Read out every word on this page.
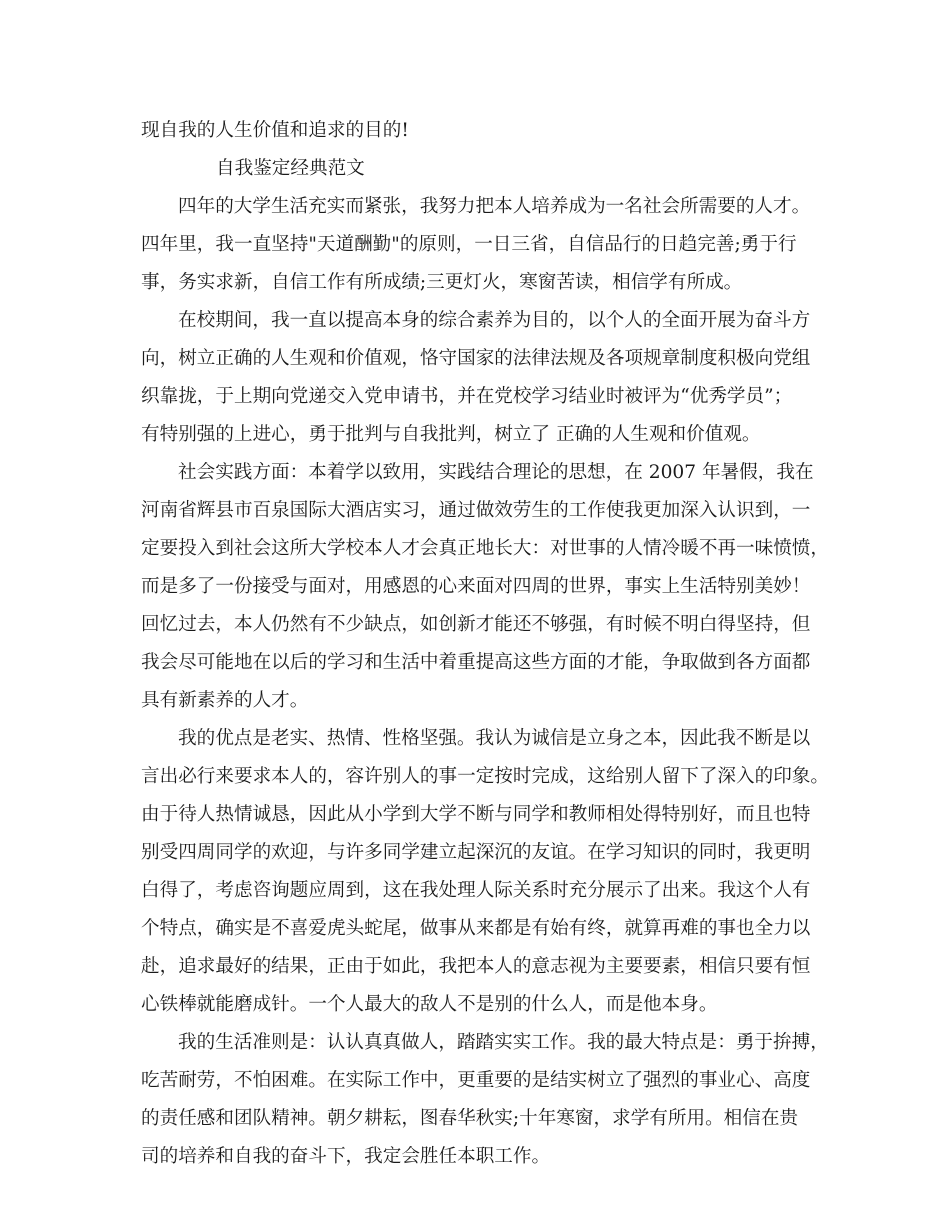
现自我的人生价值和追求的目的!
自我鉴定经典范文
四年的大学生活充实而紧张，我努力把本人培养成为一名社会所需要的人才。
四年里，我一直坚持"天道酬勤"的原则，一日三省，自信品行的日趋完善;勇于行
事，务实求新，自信工作有所成绩;三更灯火，寒窗苦读，相信学有所成。
在校期间，我一直以提高本身的综合素养为目的，以个人的全面开展为奋斗方
向，树立正确的人生观和价值观，恪守国家的法律法规及各项规章制度积极向党组
织靠拢，于上期向党递交入党申请书，并在党校学习结业时被评为“优秀学员”；
有特别强的上进心，勇于批判与自我批判，树立了 正确的人生观和价值观。
社会实践方面：本着学以致用，实践结合理论的思想，在 2007 年暑假，我在
河南省辉县市百泉国际大酒店实习，通过做效劳生的工作使我更加深入认识到，一
定要投入到社会这所大学校本人才会真正地长大：对世事的人情冷暖不再一味愤愤，
而是多了一份接受与面对，用感恩的心来面对四周的世界，事实上生活特别美妙！
回忆过去，本人仍然有不少缺点，如创新才能还不够强，有时候不明白得坚持，但
我会尽可能地在以后的学习和生活中着重提高这些方面的才能，争取做到各方面都
具有新素养的人才。
我的优点是老实、热情、性格坚强。我认为诚信是立身之本，因此我不断是以
言出必行来要求本人的，容许别人的事一定按时完成，这给别人留下了深入的印象。
由于待人热情诚恳，因此从小学到大学不断与同学和教师相处得特别好，而且也特
别受四周同学的欢迎，与许多同学建立起深沉的友谊。在学习知识的同时，我更明
白得了，考虑咨询题应周到，这在我处理人际关系时充分展示了出来。我这个人有
个特点，确实是不喜爱虎头蛇尾，做事从来都是有始有终，就算再难的事也全力以
赴，追求最好的结果，正由于如此，我把本人的意志视为主要要素，相信只要有恒
心铁棒就能磨成针。一个人最大的敌人不是别的什么人，而是他本身。
我的生活准则是：认认真真做人，踏踏实实工作。我的最大特点是：勇于拚搏，
吃苦耐劳，不怕困难。在实际工作中，更重要的是结实树立了强烈的事业心、高度
的责任感和团队精神。朝夕耕耘，图春华秋实;十年寒窗，求学有所用。相信在贵
司的培养和自我的奋斗下，我定会胜任本职工作。
